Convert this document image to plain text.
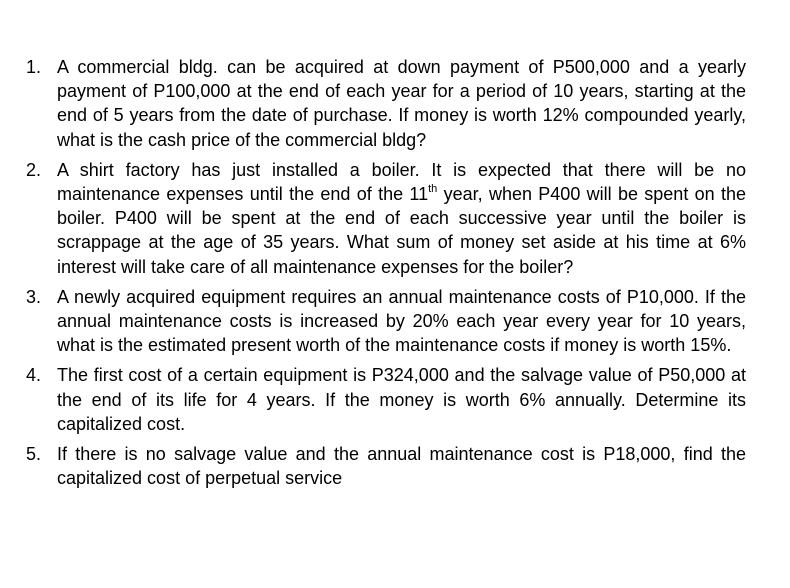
1. A commercial bldg. can be acquired at down payment of P500,000 and a yearly payment of P100,000 at the end of each year for a period of 10 years, starting at the end of 5 years from the date of purchase. If money is worth 12% compounded yearly, what is the cash price of the commercial bldg?
2. A shirt factory has just installed a boiler. It is expected that there will be no maintenance expenses until the end of the 11th year, when P400 will be spent on the boiler. P400 will be spent at the end of each successive year until the boiler is scrappage at the age of 35 years. What sum of money set aside at his time at 6% interest will take care of all maintenance expenses for the boiler?
3. A newly acquired equipment requires an annual maintenance costs of P10,000. If the annual maintenance costs is increased by 20% each year every year for 10 years, what is the estimated present worth of the maintenance costs if money is worth 15%.
4. The first cost of a certain equipment is P324,000 and the salvage value of P50,000 at the end of its life for 4 years. If the money is worth 6% annually. Determine its capitalized cost.
5. If there is no salvage value and the annual maintenance cost is P18,000, find the capitalized cost of perpetual service
